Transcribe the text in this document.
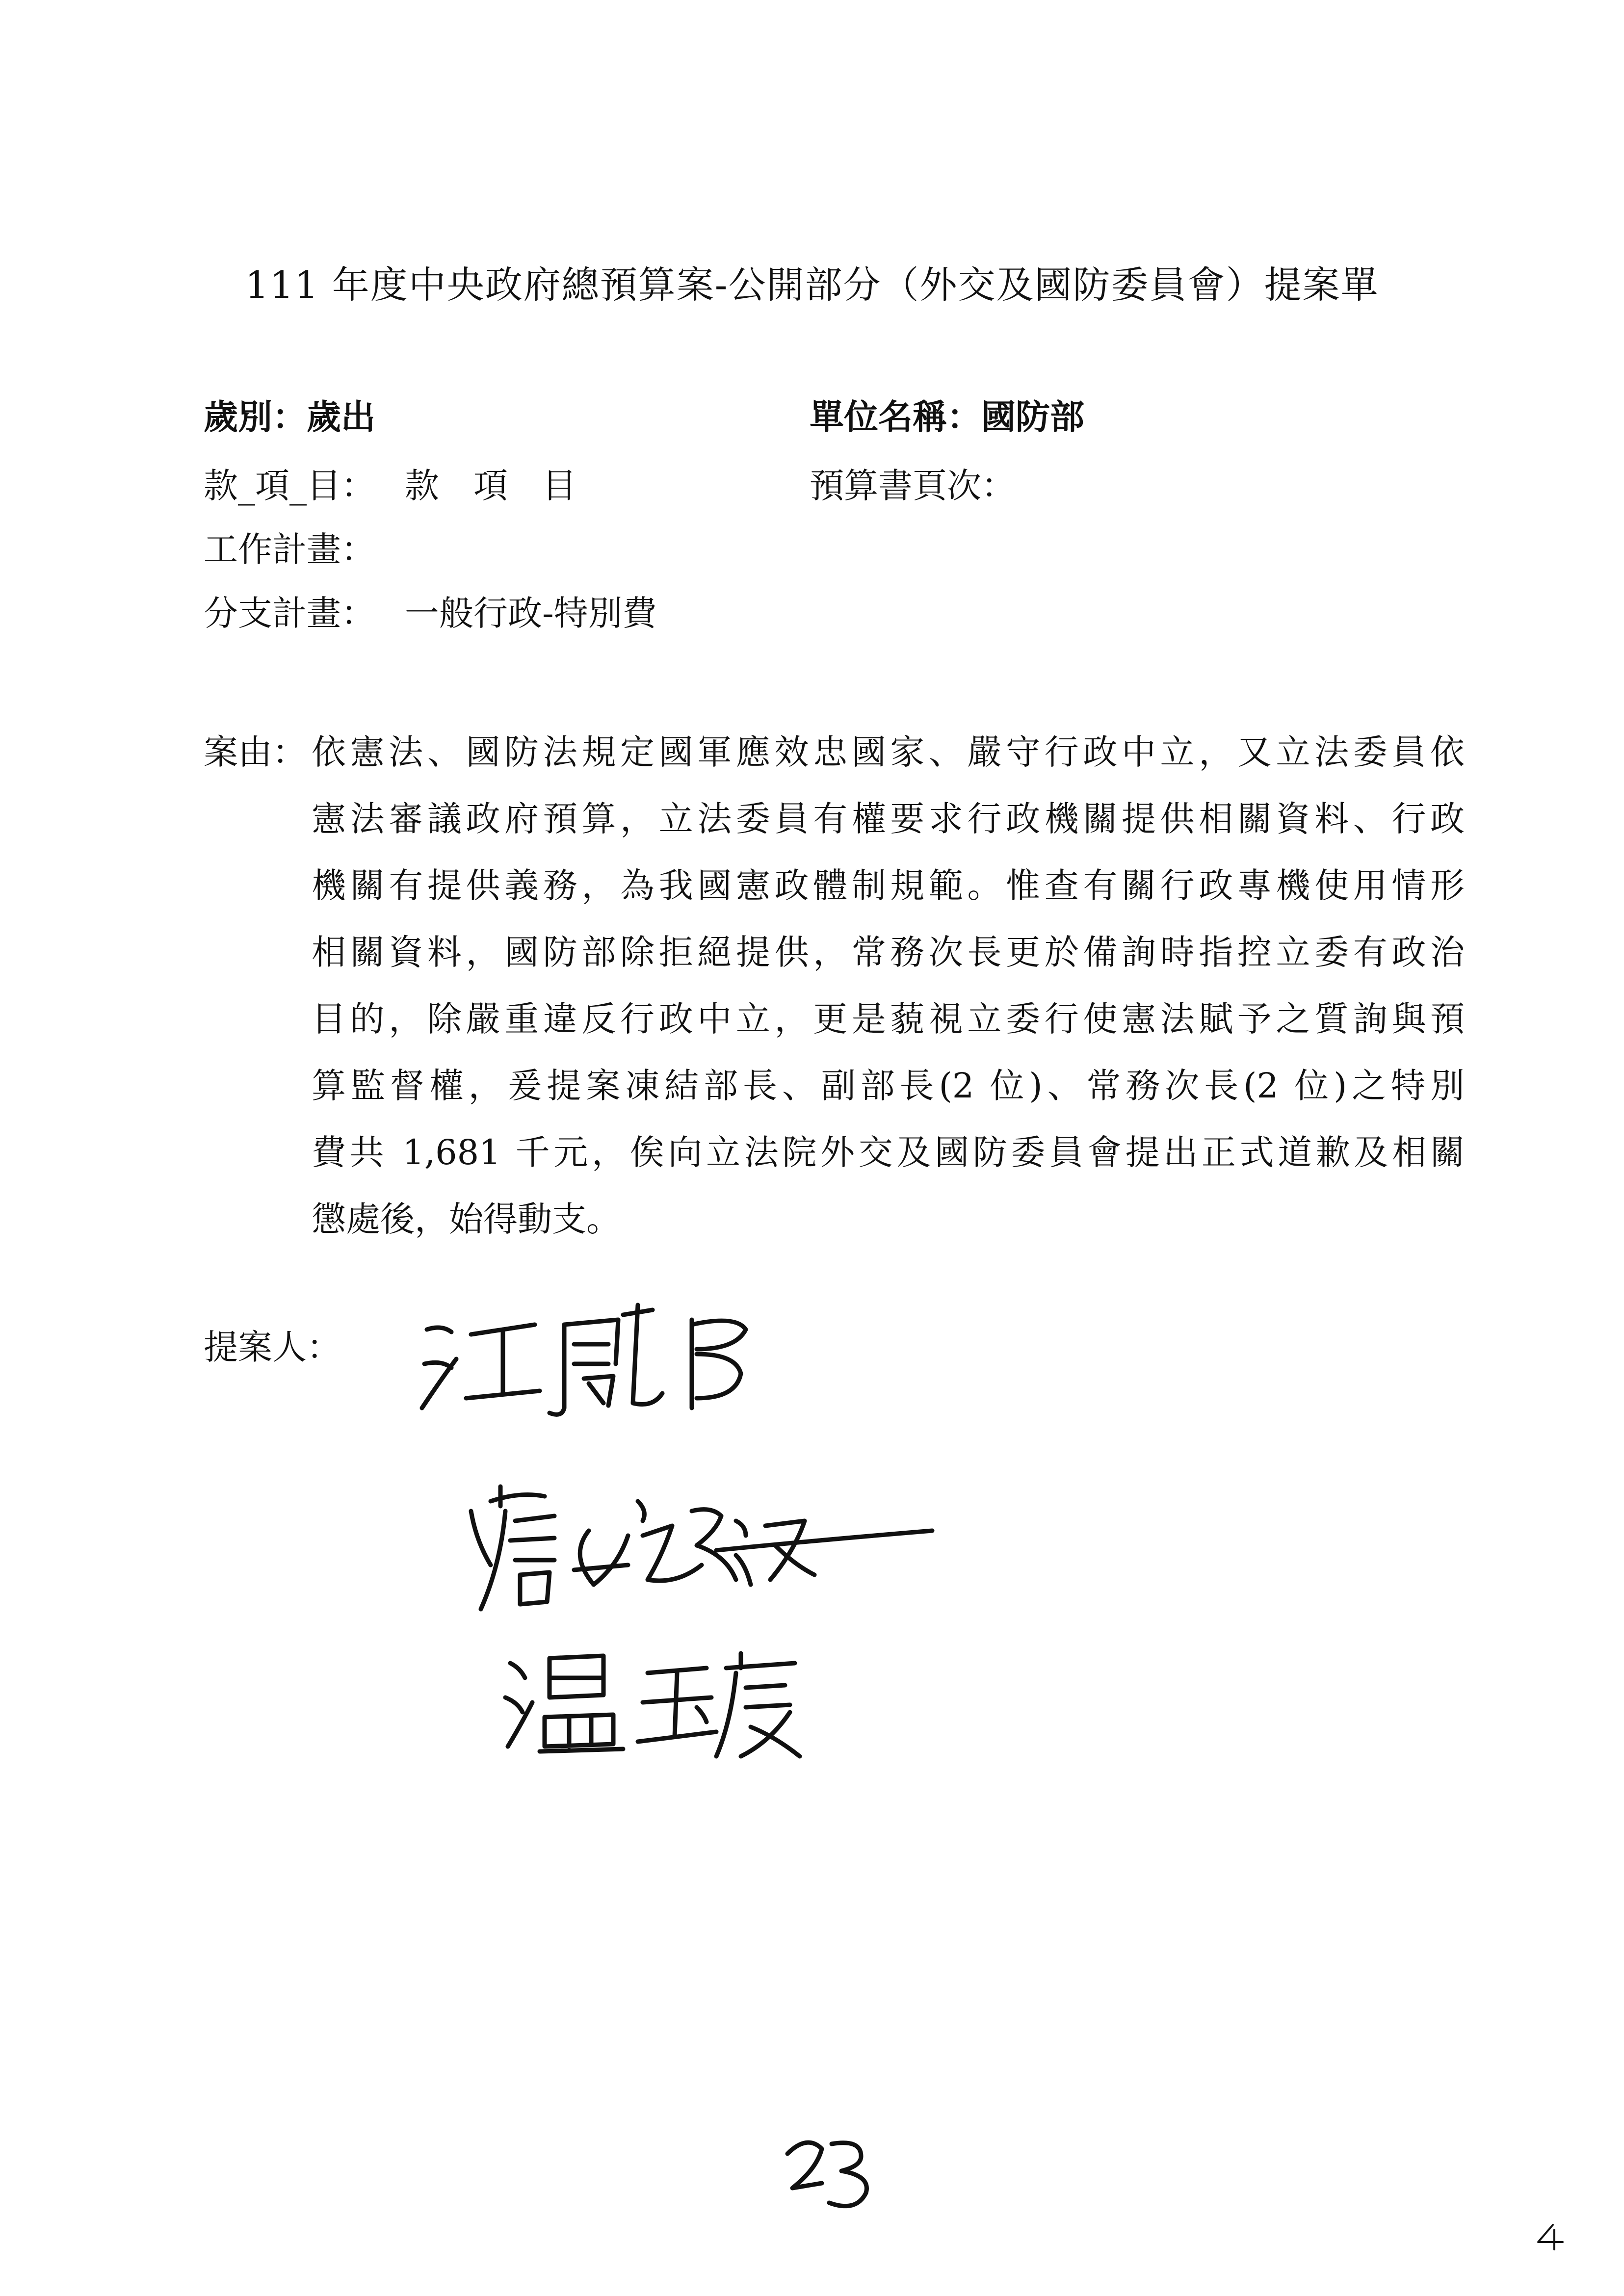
111 年度中央政府總預算案-公開部分（外交及國防委員會）提案單
歲別：歲出	單位名稱：國防部
款_項_目： 款　項　目	預算書頁次：
工作計畫：
分支計畫： 一般行政-特別費
案由： 依憲法、國防法規定國軍應效忠國家、嚴守行政中立，又立法委員依
憲法審議政府預算，立法委員有權要求行政機關提供相關資料、行政
機關有提供義務，為我國憲政體制規範。惟查有關行政專機使用情形
相關資料，國防部除拒絕提供，常務次長更於備詢時指控立委有政治
目的，除嚴重違反行政中立，更是藐視立委行使憲法賦予之質詢與預
算監督權，爰提案凍結部長、副部長(2 位)、常務次長(2 位)之特別
費共 1,681 千元，俟向立法院外交及國防委員會提出正式道歉及相關
懲處後，始得動支。
提案人：
